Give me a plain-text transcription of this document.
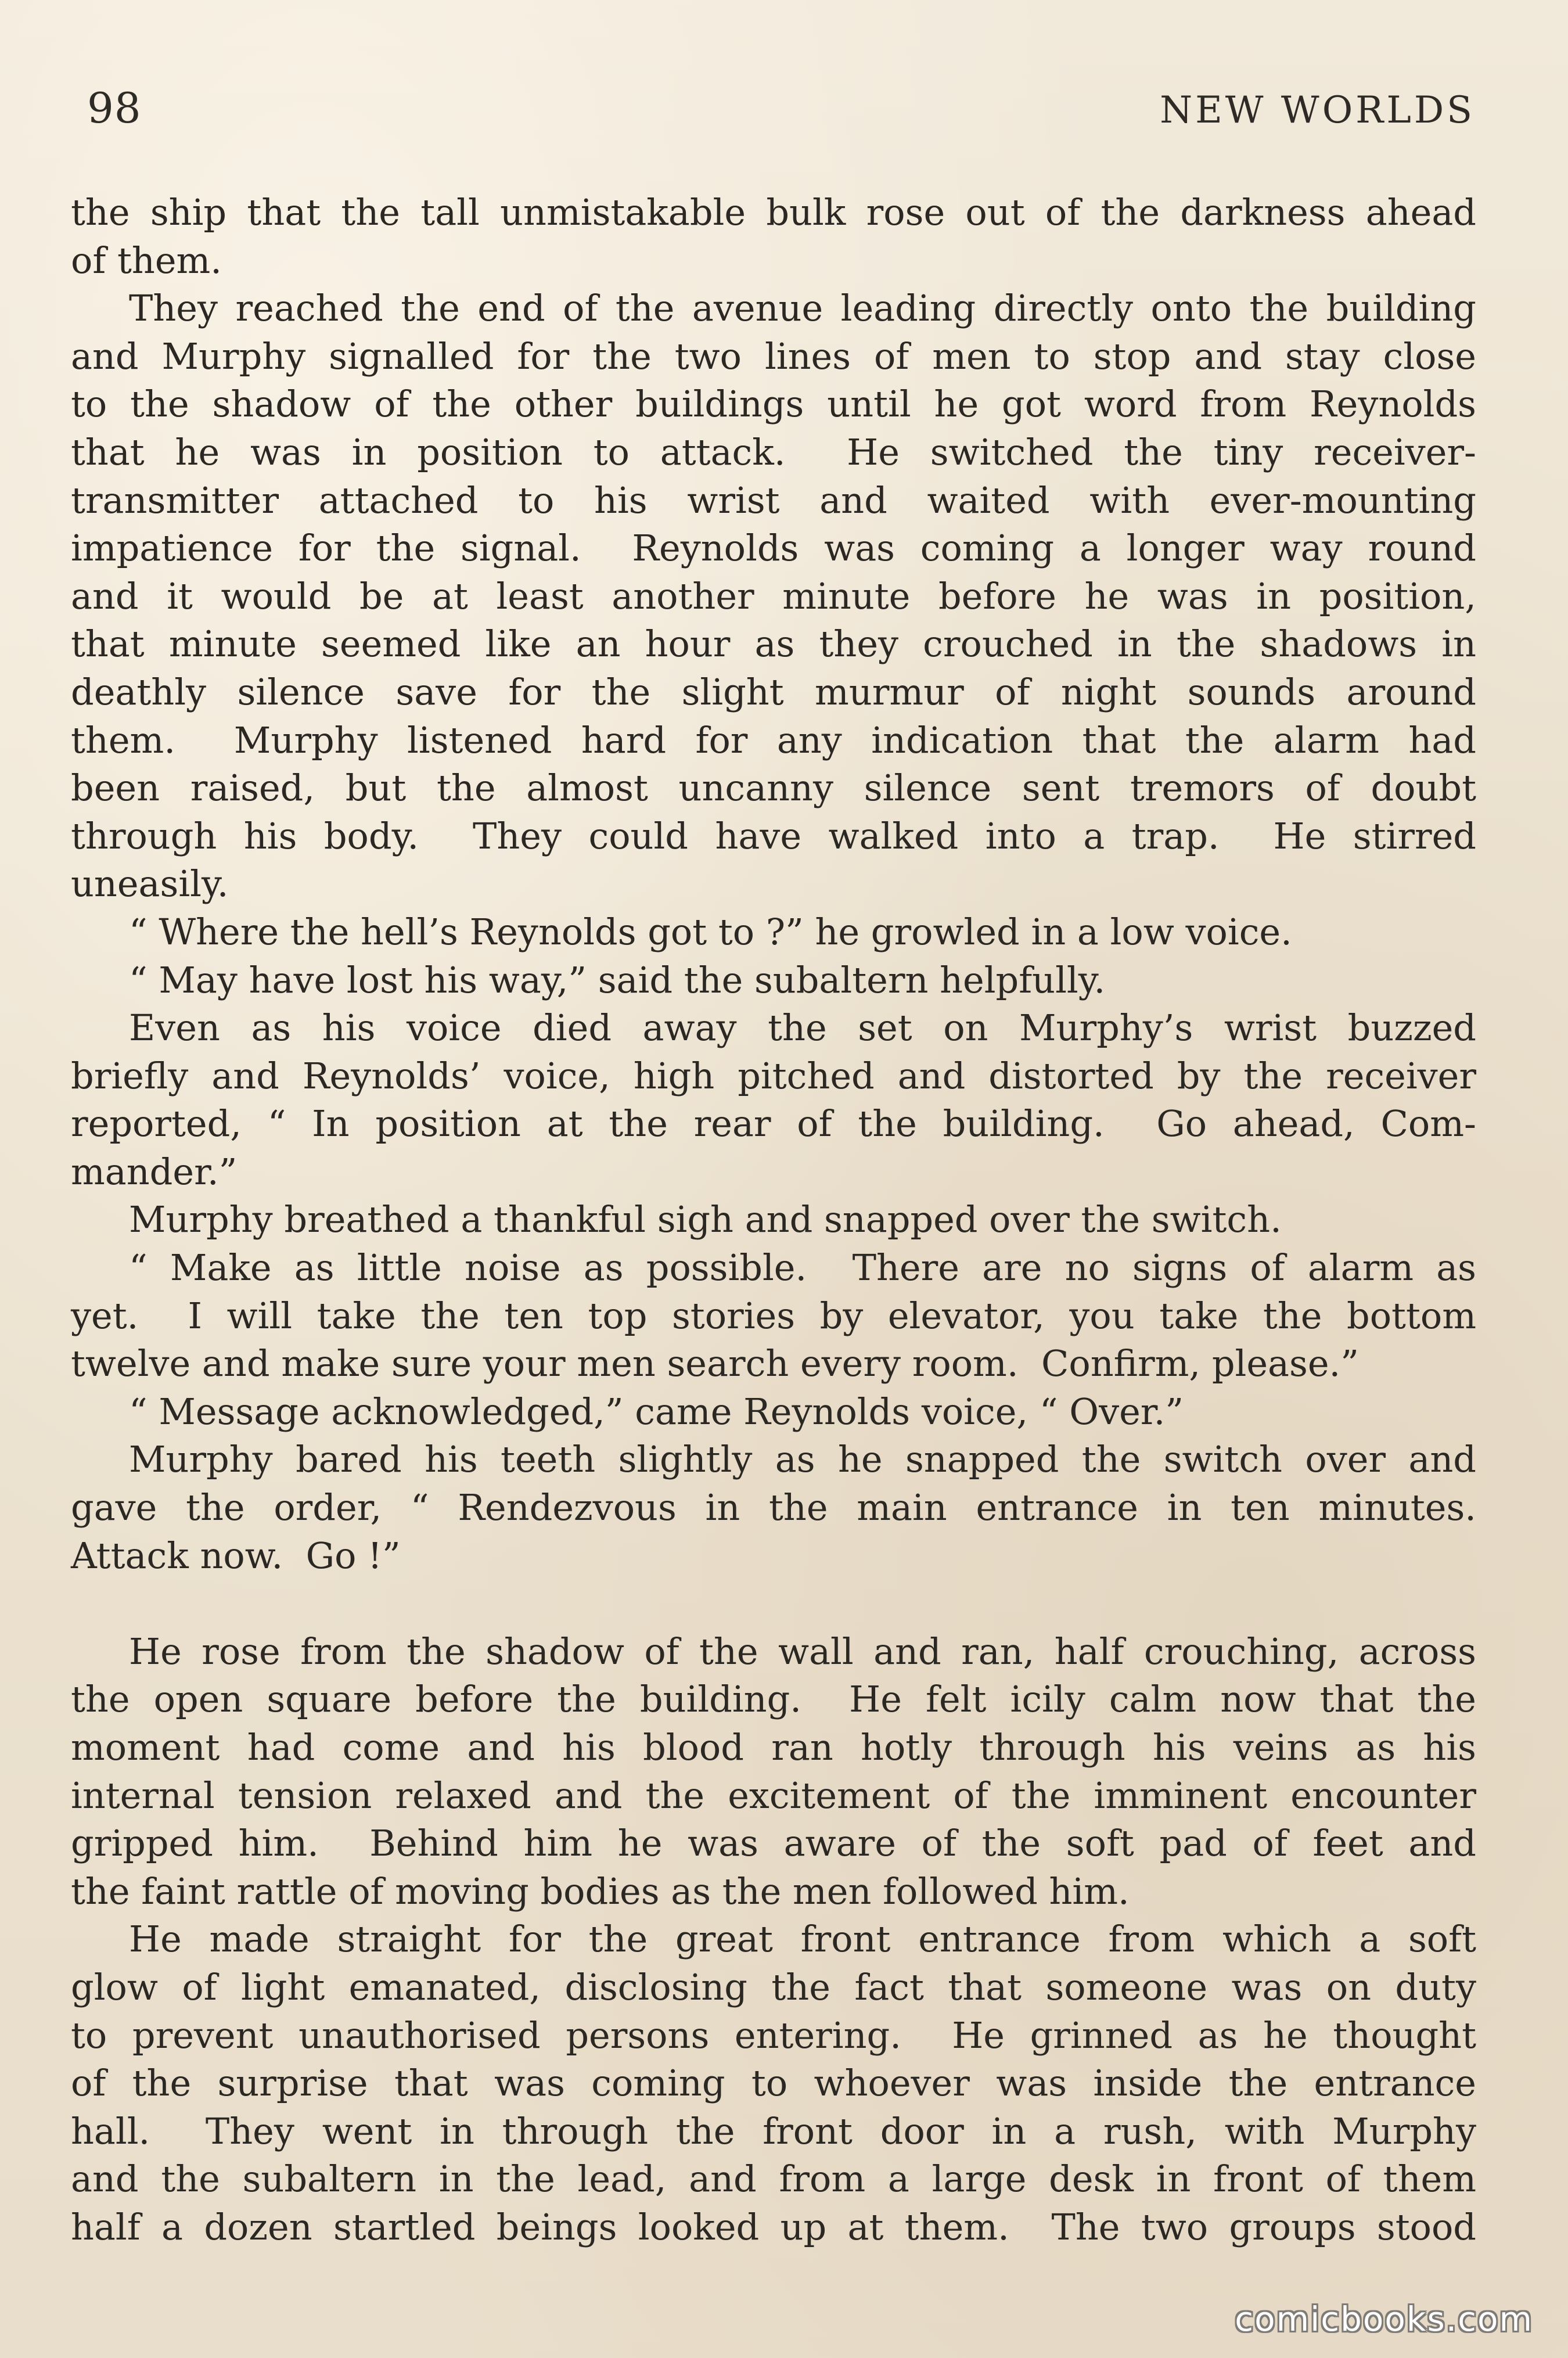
98	NEW WORLDS
the ship that the tall unmistakable bulk rose out of the darkness ahead
of them.
They reached the end of the avenue leading directly onto the building
and Murphy signalled for the two lines of men to stop and stay close
to the shadow of the other buildings until he got word from Reynolds
that he was in position to attack.  He switched the tiny receiver-
transmitter attached to his wrist and waited with ever-mounting
impatience for the signal.  Reynolds was coming a longer way round
and it would be at least another minute before he was in position,
that minute seemed like an hour as they crouched in the shadows in
deathly silence save for the slight murmur of night sounds around
them.  Murphy listened hard for any indication that the alarm had
been raised, but the almost uncanny silence sent tremors of doubt
through his body.  They could have walked into a trap.  He stirred
uneasily.
“ Where the hell’s Reynolds got to ?” he growled in a low voice.
“ May have lost his way,” said the subaltern helpfully.
Even as his voice died away the set on Murphy’s wrist buzzed
briefly and Reynolds’ voice, high pitched and distorted by the receiver
reported, “ In position at the rear of the building.  Go ahead, Com-
mander.”
Murphy breathed a thankful sigh and snapped over the switch.
“ Make as little noise as possible.  There are no signs of alarm as
yet.  I will take the ten top stories by elevator, you take the bottom
twelve and make sure your men search every room.  Confirm, please.”
“ Message acknowledged,” came Reynolds voice, “ Over.”
Murphy bared his teeth slightly as he snapped the switch over and
gave the order, “ Rendezvous in the main entrance in ten minutes.
Attack now.  Go !”
He rose from the shadow of the wall and ran, half crouching, across
the open square before the building.  He felt icily calm now that the
moment had come and his blood ran hotly through his veins as his
internal tension relaxed and the excitement of the imminent encounter
gripped him.  Behind him he was aware of the soft pad of feet and
the faint rattle of moving bodies as the men followed him.
He made straight for the great front entrance from which a soft
glow of light emanated, disclosing the fact that someone was on duty
to prevent unauthorised persons entering.  He grinned as he thought
of the surprise that was coming to whoever was inside the entrance
hall.  They went in through the front door in a rush, with Murphy
and the subaltern in the lead, and from a large desk in front of them
half a dozen startled beings looked up at them.  The two groups stood
comicbooks.com
